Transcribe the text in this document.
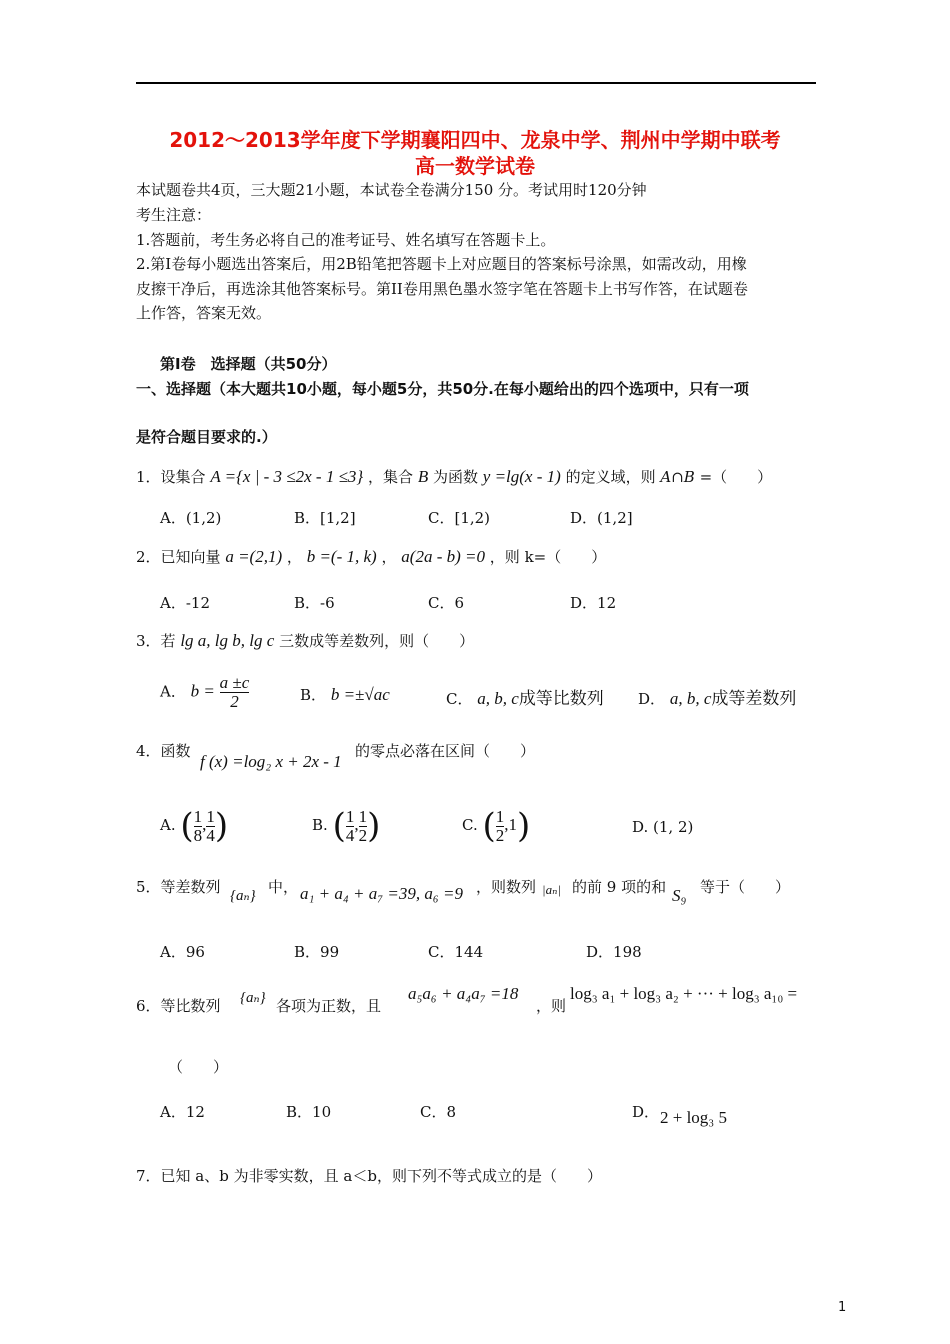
2012～2013学年度下学期襄阳四中、龙泉中学、荆州中学期中联考
高一数学试卷
本试题卷共4页，三大题21小题，本试卷全卷满分150 分。考试用时120分钟
考生注意：
1.答题前，考生务必将自己的准考证号、姓名填写在答题卡上。
2.第Ⅰ卷每小题选出答案后，用2B铅笔把答题卡上对应题目的答案标号涂黑，如需改动，用橡
皮擦干净后，再选涂其他答案标号。第II卷用黑色墨水签字笔在答题卡上书写作答，在试题卷
上作答，答案无效。
第Ⅰ卷　选择题（共50分）
一、选择题（本大题共10小题，每小题5分，共50分.在每小题给出的四个选项中，只有一项
是符合题目要求的.）
1．设集合 A ={x | - 3 ≤2x - 1 ≤3} ，集合 B 为函数 y =lg(x - 1) 的定义域，则 A∩B =（　　）
A．(1,2)	B．[1,2]	C．[1,2)	D．(1,2]
2．已知向量 a =(2,1) ， b =(- 1, k) ， a(2a - b) =0 ，则 k=（　　）
A．-12	B．-6	C．6	D．12
3．若 lg a, lg b, lg c 三数成等差数列，则（　　）
A． $b = \frac{a \pm c}{2}$	B． b =±√ac	C． a, b, c成等比数列 D． a, b, c成等差数列
4．函数
f (x) =log₂ x + 2x - 1
的零点必落在区间（　　）
A. ( $\frac{1}{8}$ , $\frac{1}{4}$ )	B. ( $\frac{1}{4}$ , $\frac{1}{2}$ )	C. ( $\frac{1}{2} ,1$)	D. (1, 2)
5．等差数列 {aₙ} 中， a₁ + a₄ + a₇ =39, a₆ =9 ，则数列 |aₙ| 的前 9 项的和 S₉ 等于（　　）
A．96	B．99	C．144	D．198
6．等比数列 {aₙ} 各项为正数，且
a₅a₆ + a₄a₇ =18
，则
log₃ a₁ + log₃ a₂ + ··· + log₃ a₁₀ =
（　　）
A．12	B．10	C．8	D． 2 + log₃ 5
7．已知 a、b 为非零实数，且 a＜b，则下列不等式成立的是（　　）
1
